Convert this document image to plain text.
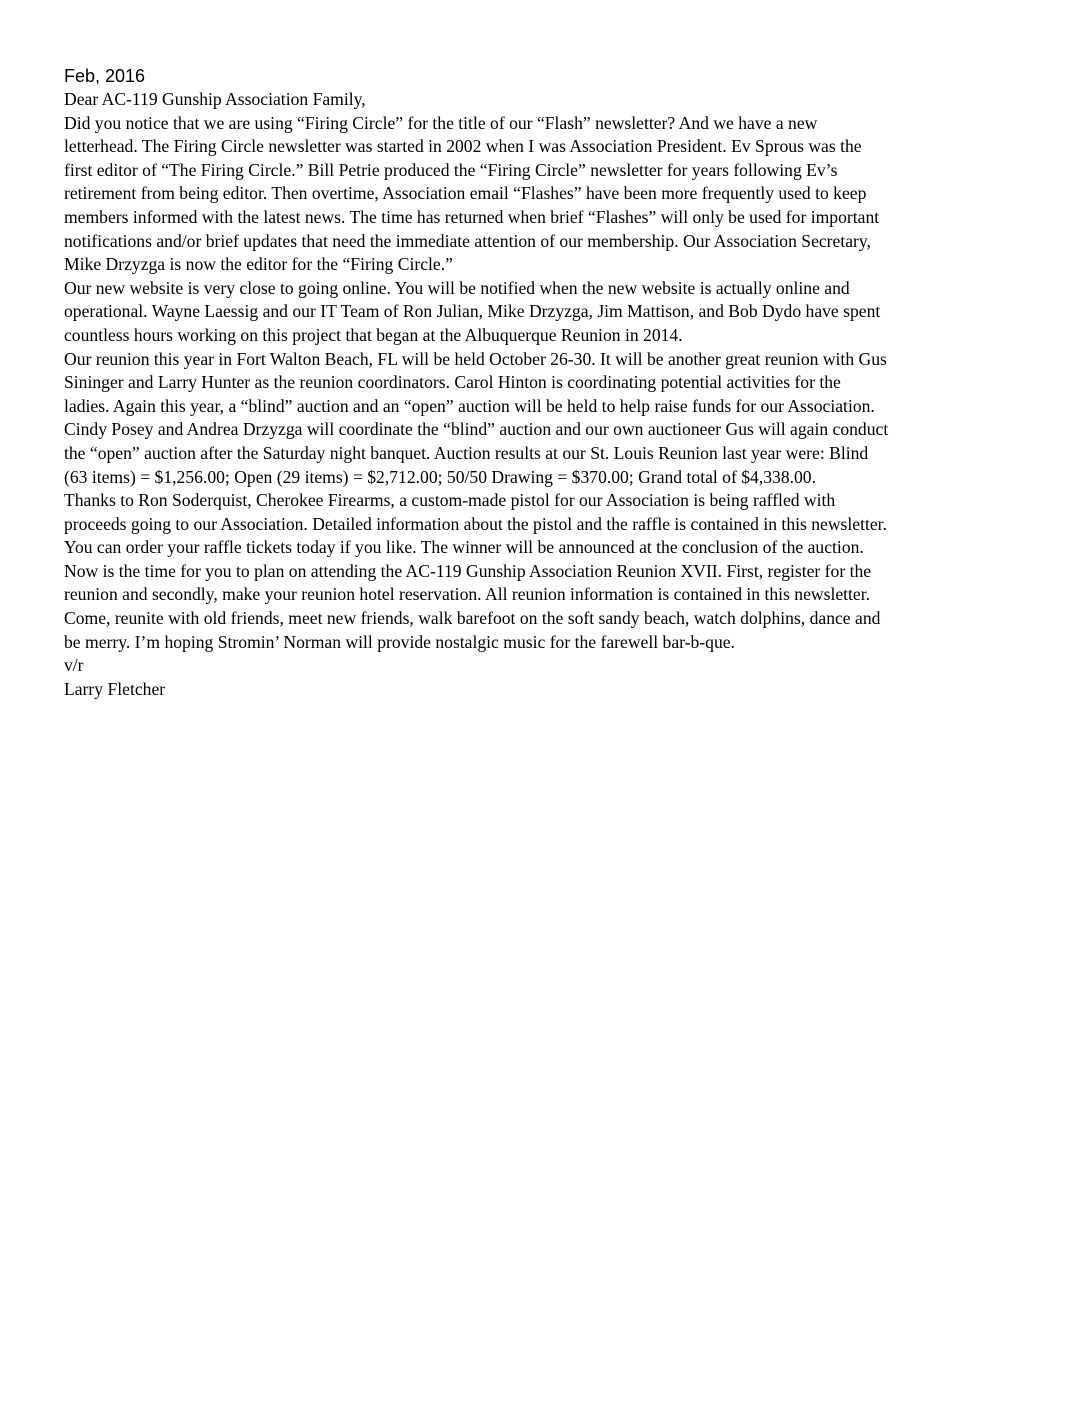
Feb, 2016

Dear AC-119 Gunship Association Family,

Did you notice that we are using “Firing Circle” for the title of our “Flash” newsletter? And we have a new

letterhead. The Firing Circle newsletter was started in 2002 when I was Association President. Ev Sprous was the

first editor of “The Firing Circle.” Bill Petrie produced the “Firing Circle” newsletter for years following Ev’s

retirement from being editor. Then overtime, Association email “Flashes” have been more frequently used to keep

members informed with the latest news. The time has returned when brief “Flashes” will only be used for important

notifications and/or brief updates that need the immediate attention of our membership. Our Association Secretary,

Mike Drzyzga is now the editor for the “Firing Circle.”

Our new website is very close to going online. You will be notified when the new website is actually online and

operational. Wayne Laessig and our IT Team of Ron Julian, Mike Drzyzga, Jim Mattison, and Bob Dydo have spent

countless hours working on this project that began at the Albuquerque Reunion in 2014.

Our reunion this year in Fort Walton Beach, FL will be held October 26-30. It will be another great reunion with Gus

Sininger and Larry Hunter as the reunion coordinators. Carol Hinton is coordinating potential activities for the

ladies. Again this year, a “blind” auction and an “open” auction will be held to help raise funds for our Association.

Cindy Posey and Andrea Drzyzga will coordinate the “blind” auction and our own auctioneer Gus will again conduct

the “open” auction after the Saturday night banquet. Auction results at our St. Louis Reunion last year were: Blind

(63 items) = $1,256.00; Open (29 items) = $2,712.00; 50/50 Drawing = $370.00; Grand total of $4,338.00.

Thanks to Ron Soderquist, Cherokee Firearms, a custom-made pistol for our Association is being raffled with

proceeds going to our Association. Detailed information about the pistol and the raffle is contained in this newsletter.

You can order your raffle tickets today if you like. The winner will be announced at the conclusion of the auction.

Now is the time for you to plan on attending the AC-119 Gunship Association Reunion XVII. First, register for the

reunion and secondly, make your reunion hotel reservation. All reunion information is contained in this newsletter.

Come, reunite with old friends, meet new friends, walk barefoot on the soft sandy beach, watch dolphins, dance and

be merry. I’m hoping Stromin’ Norman will provide nostalgic music for the farewell bar-b-que.

v/r

Larry Fletcher
